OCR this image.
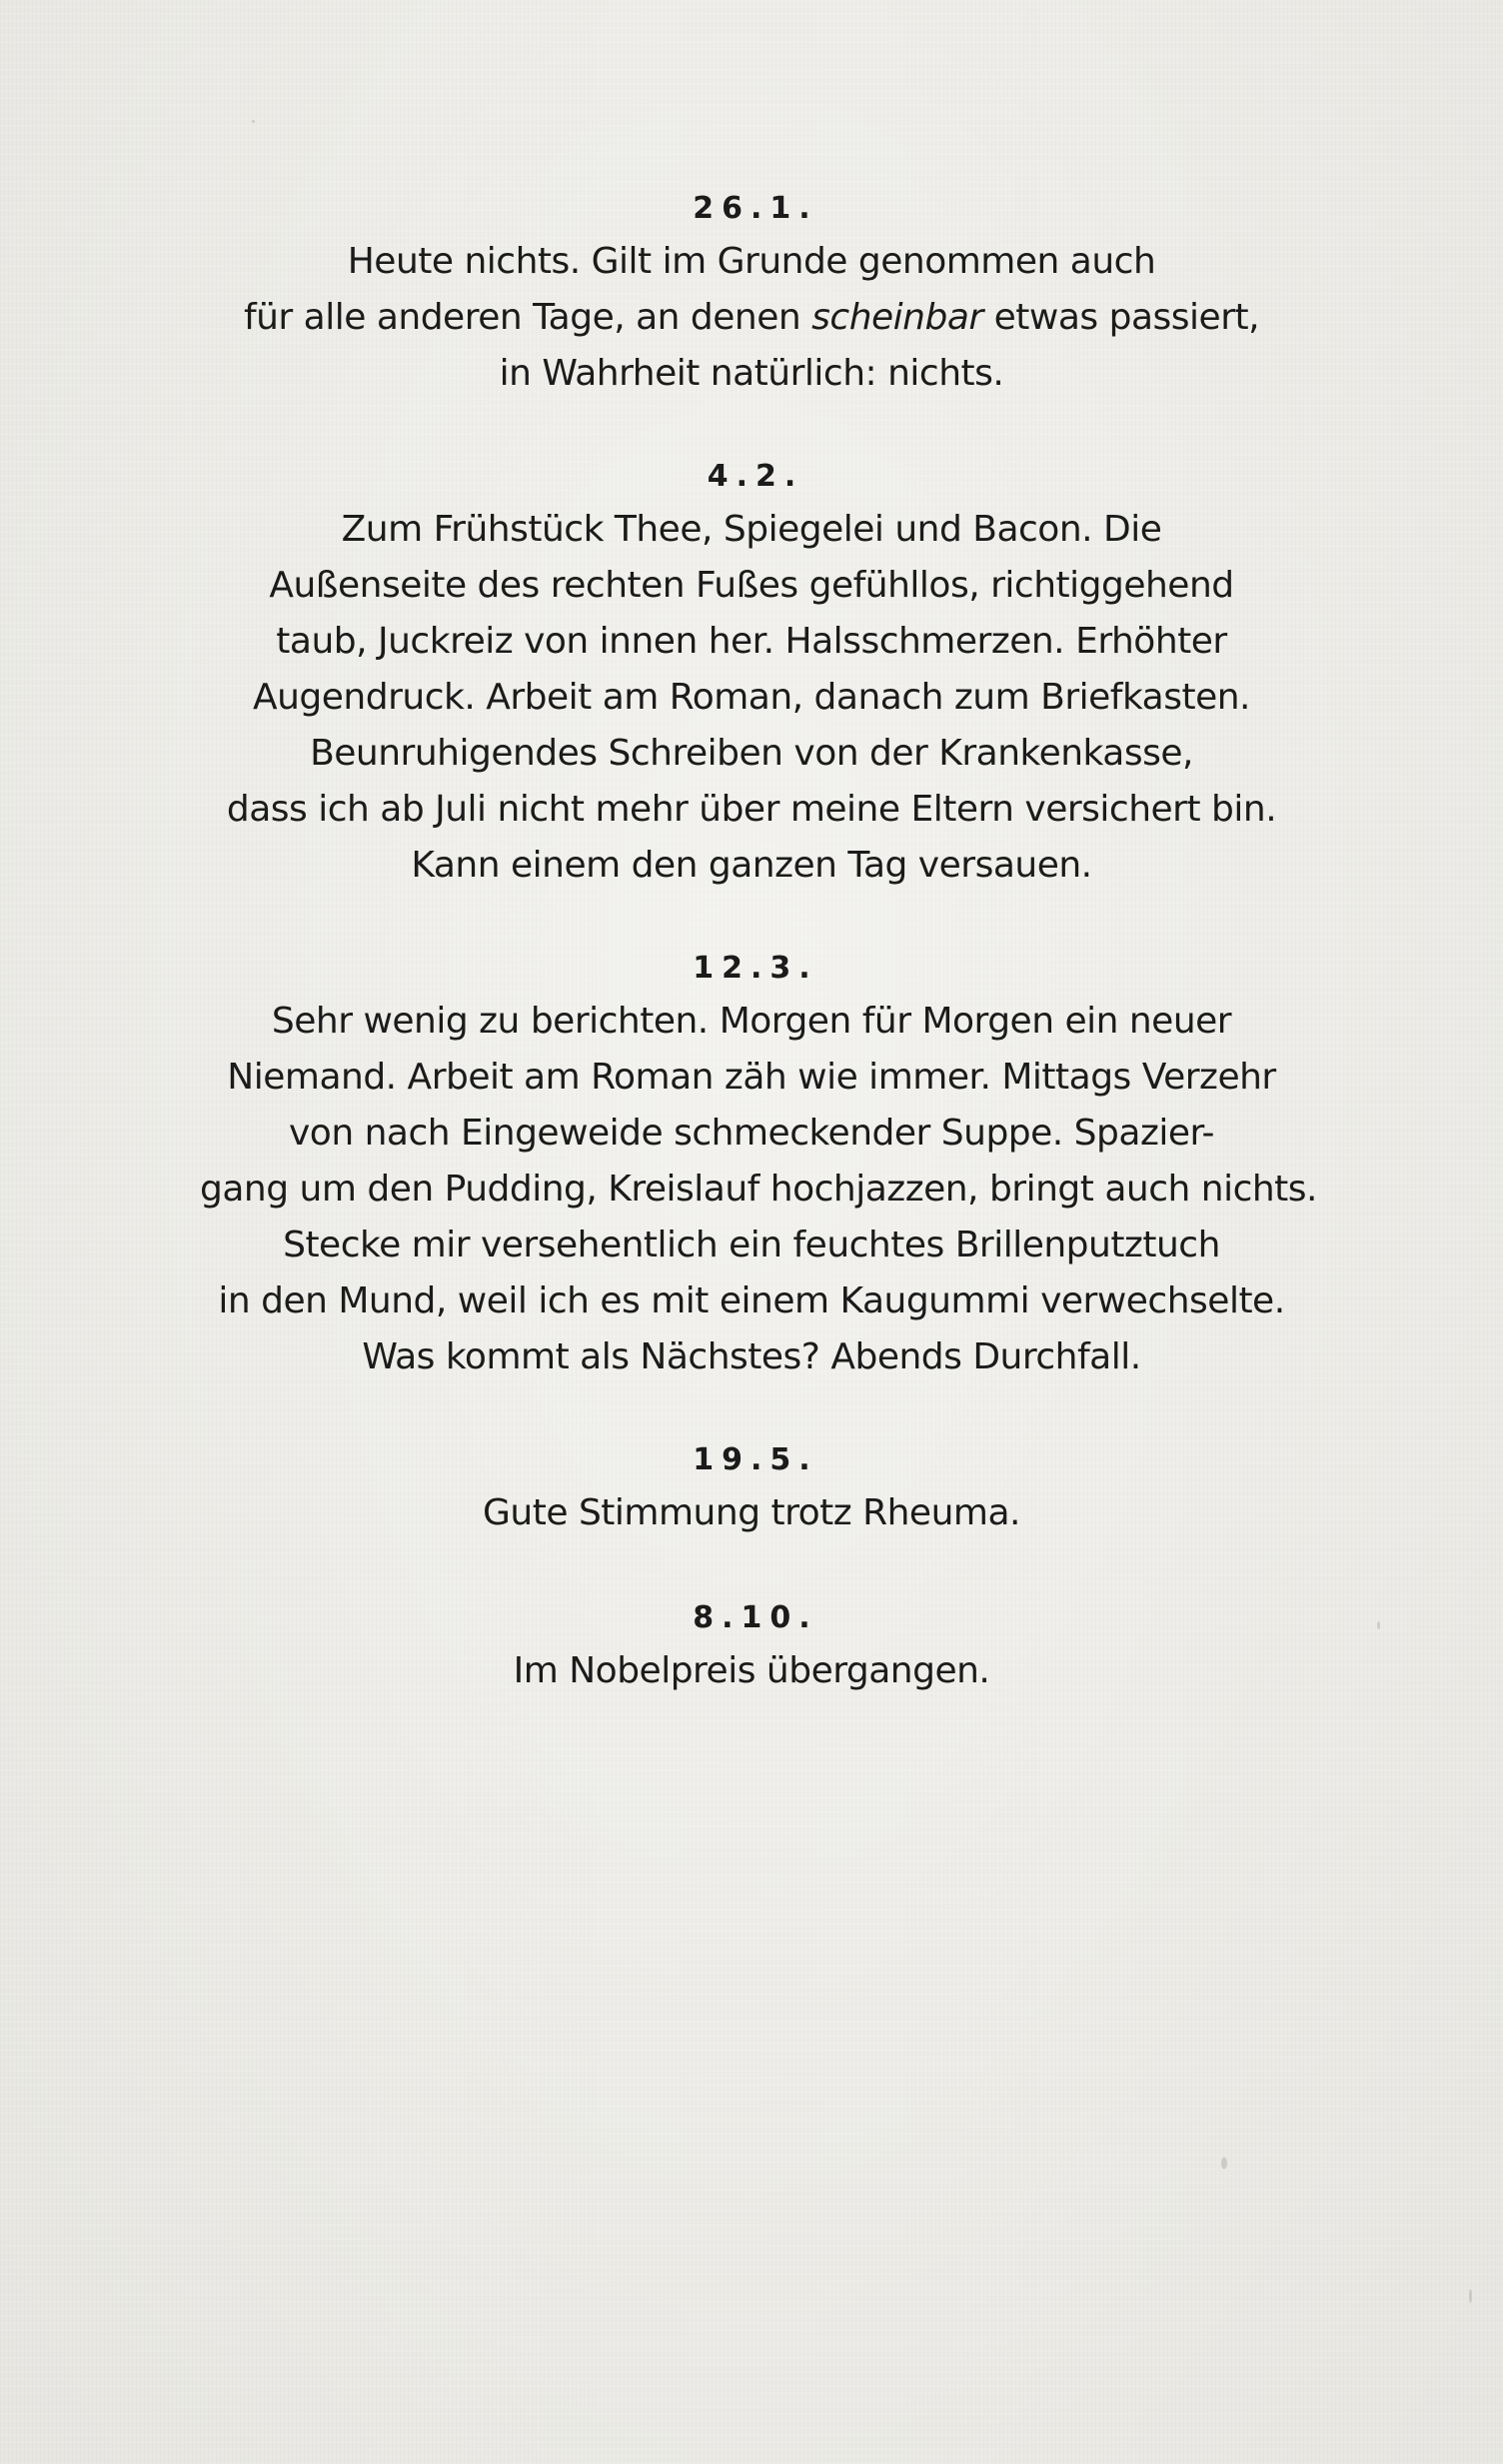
26.1.
Heute nichts. Gilt im Grunde genommen auch
für alle anderen Tage, an denen scheinbar etwas passiert,
in Wahrheit natürlich: nichts.
4.2.
Zum Frühstück Thee, Spiegelei und Bacon. Die
Außenseite des rechten Fußes gefühllos, richtiggehend
taub, Juckreiz von innen her. Halsschmerzen. Erhöhter
Augendruck. Arbeit am Roman, danach zum Briefkasten.
Beunruhigendes Schreiben von der Krankenkasse,
dass ich ab Juli nicht mehr über meine Eltern versichert bin.
Kann einem den ganzen Tag versauen.
12.3.
Sehr wenig zu berichten. Morgen für Morgen ein neuer
Niemand. Arbeit am Roman zäh wie immer. Mittags Verzehr
von nach Eingeweide schmeckender Suppe. Spazier-
gang um den Pudding, Kreislauf hochjazzen, bringt auch nichts.
Stecke mir versehentlich ein feuchtes Brillenputztuch
in den Mund, weil ich es mit einem Kaugummi verwechselte.
Was kommt als Nächstes? Abends Durchfall.
19.5.
Gute Stimmung trotz Rheuma.
8.10.
Im Nobelpreis übergangen.
